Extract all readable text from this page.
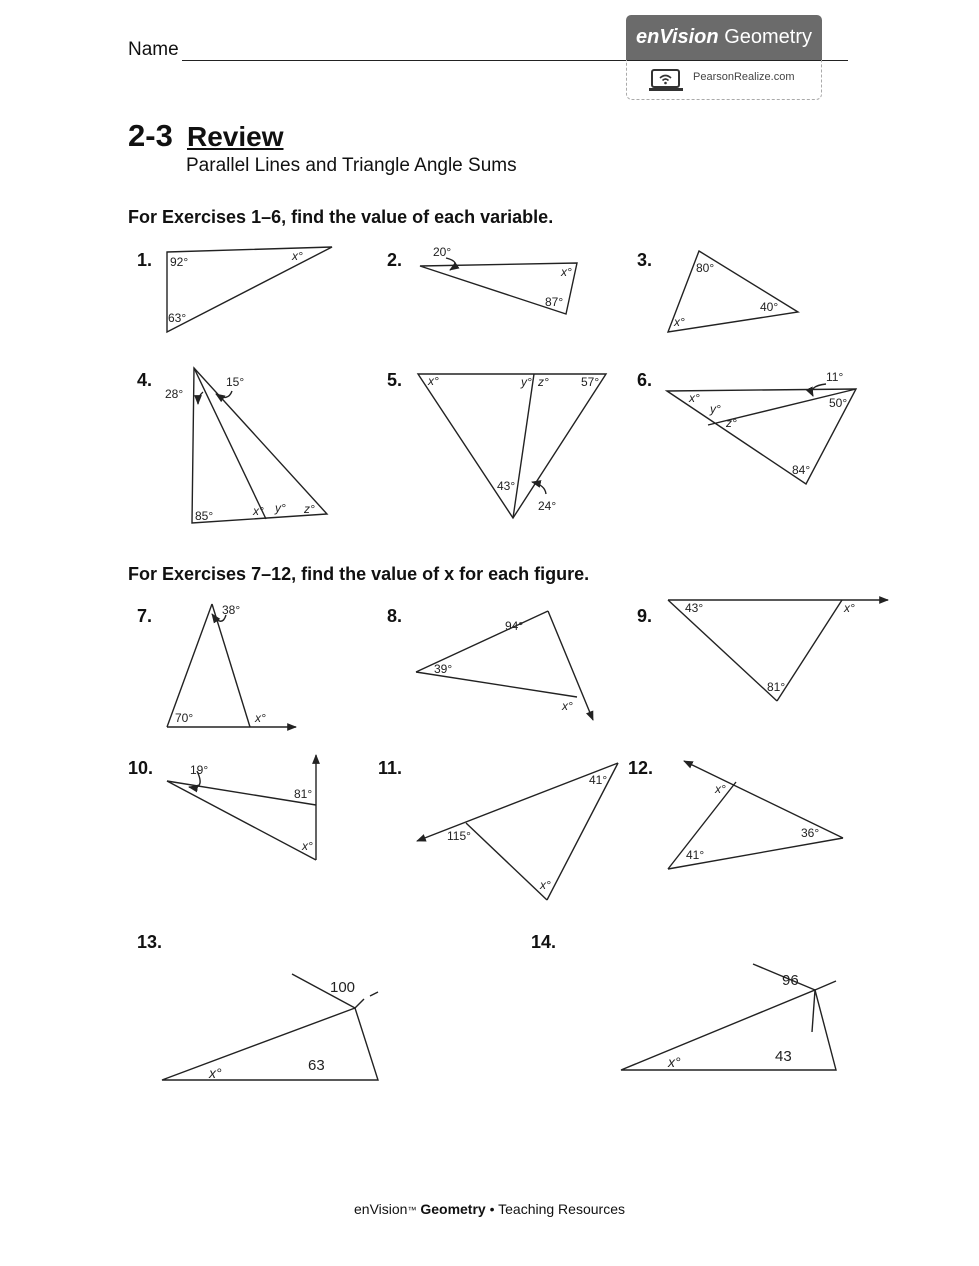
Name
enVision Geometry
PearsonRealize.com
2-3 Review
Parallel Lines and Triangle Angle Sums
For Exercises 1–6, find the value of each variable.
For Exercises 7–12, find the value of x for each figure.
1.	2.	3.
4.	5.	6.
7.	8.	9.
10.	11.	12.
13.	14.
92°	x°
63°
20°
x°
87°
80°
40°
x°
28°
15°
85°	x° y° z°
x°	y° z°	57°
43°
24°
11°
x°
y°
z°
50°
84°
38°
70°	x°
94°
39°
x°
43°	x°
81°
19°
81°
x°
41°
115°
x°
x°
36°
41°
100
63
x°
96
43
x°
enVision™ Geometry • Teaching Resources
